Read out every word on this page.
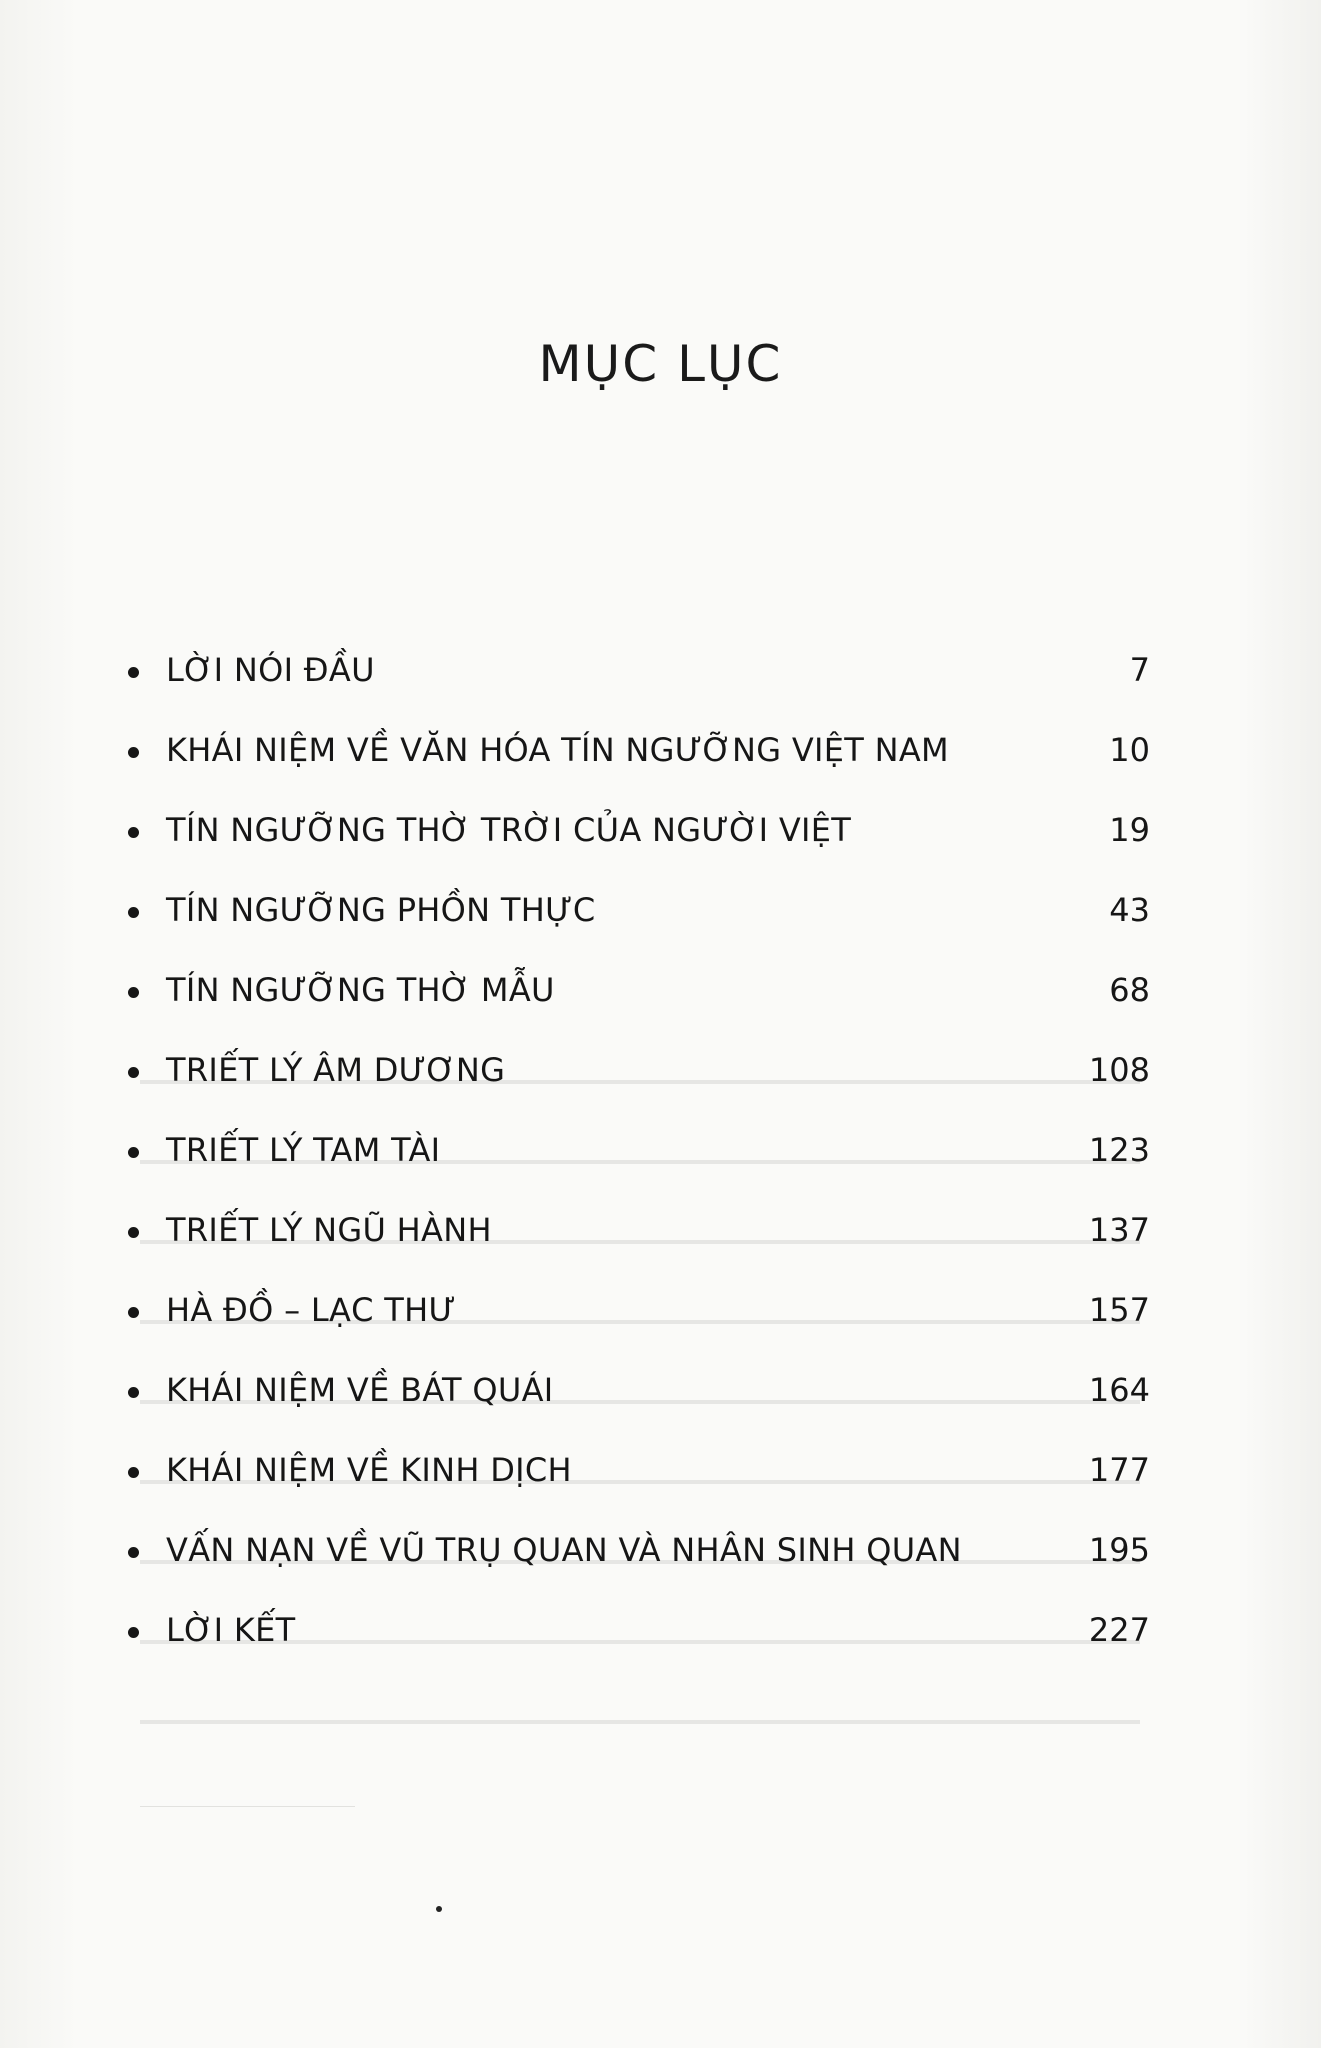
MỤC LỤC
LỜI NÓI ĐẦU	7
KHÁI NIỆM VỀ VĂN HÓA TÍN NGƯỠNG VIỆT NAM	10
TÍN NGƯỠNG THỜ TRỜI CỦA NGƯỜI VIỆT	19
TÍN NGƯỠNG PHỒN THỰC	43
TÍN NGƯỠNG THỜ MẪU	68
TRIẾT LÝ ÂM DƯƠNG	108
TRIẾT LÝ TAM TÀI	123
TRIẾT LÝ NGŨ HÀNH	137
HÀ ĐỒ – LẠC THƯ	157
KHÁI NIỆM VỀ BÁT QUÁI	164
KHÁI NIỆM VỀ KINH DỊCH	177
VẤN NẠN VỀ VŨ TRỤ QUAN VÀ NHÂN SINH QUAN	195
LỜI KẾT	227
